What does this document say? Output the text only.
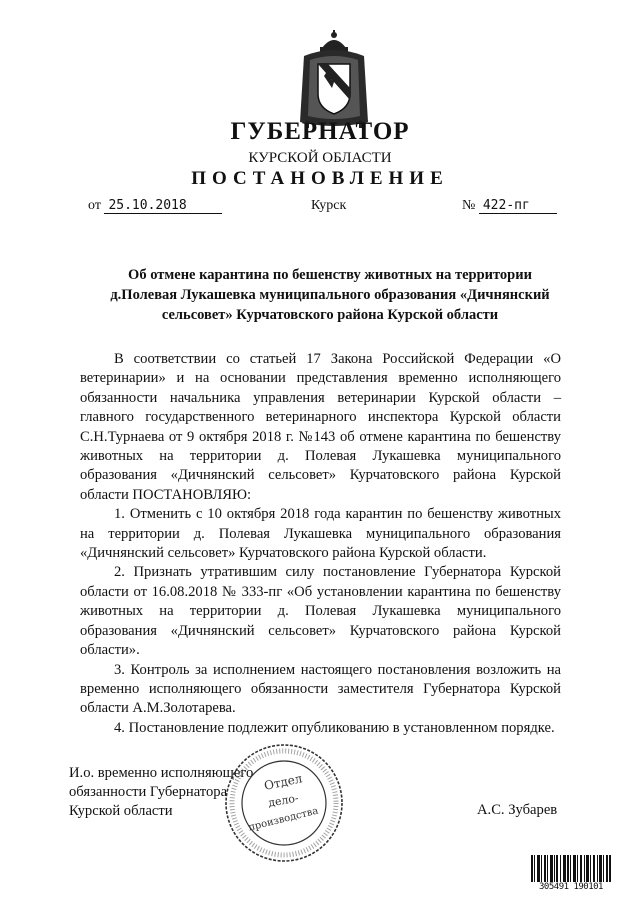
ГУБЕРНАТОР
КУРСКОЙ ОБЛАСТИ
ПОСТАНОВЛЕНИЕ
от 25.10.2018	Курск	№ 422-пг
Об отмене карантина по бешенству животных на территории
д.Полевая Лукашевка муниципального образования «Дичнянский
сельсовет» Курчатовского района Курской области

В соответствии со статьей 17 Закона Российской Федерации «О ветеринарии» и на основании представления временно исполняющего обязанности начальника управления ветеринарии Курской области – главного государственного ветеринарного инспектора Курской области С.Н.Турнаева от 9 октября 2018 г. №143 об отмене карантина по бешенству животных на территории д. Полевая Лукашевка муниципального образования «Дичнянский сельсовет» Курчатовского района Курской области ПОСТАНОВЛЯЮ:

1. Отменить с 10 октября 2018 года карантин по бешенству животных на территории д. Полевая Лукашевка муниципального образования «Дичнянский сельсовет» Курчатовского района Курской области.

2. Признать утратившим силу постановление Губернатора Курской области от 16.08.2018 № 333-пг «Об установлении карантина по бешенству животных на территории д. Полевая Лукашевка муниципального образования «Дичнянский сельсовет» Курчатовского района Курской области».

3. Контроль за исполнением настоящего постановления возложить на временно исполняющего обязанности заместителя Губернатора Курской области А.М.Золотарева.

4. Постановление подлежит опубликованию в установленном порядке.

И.о. временно исполняющего
обязанности Губернатора
Курской области	А.С. Зубарев
Отдел
дело-
производства
305491 190101
